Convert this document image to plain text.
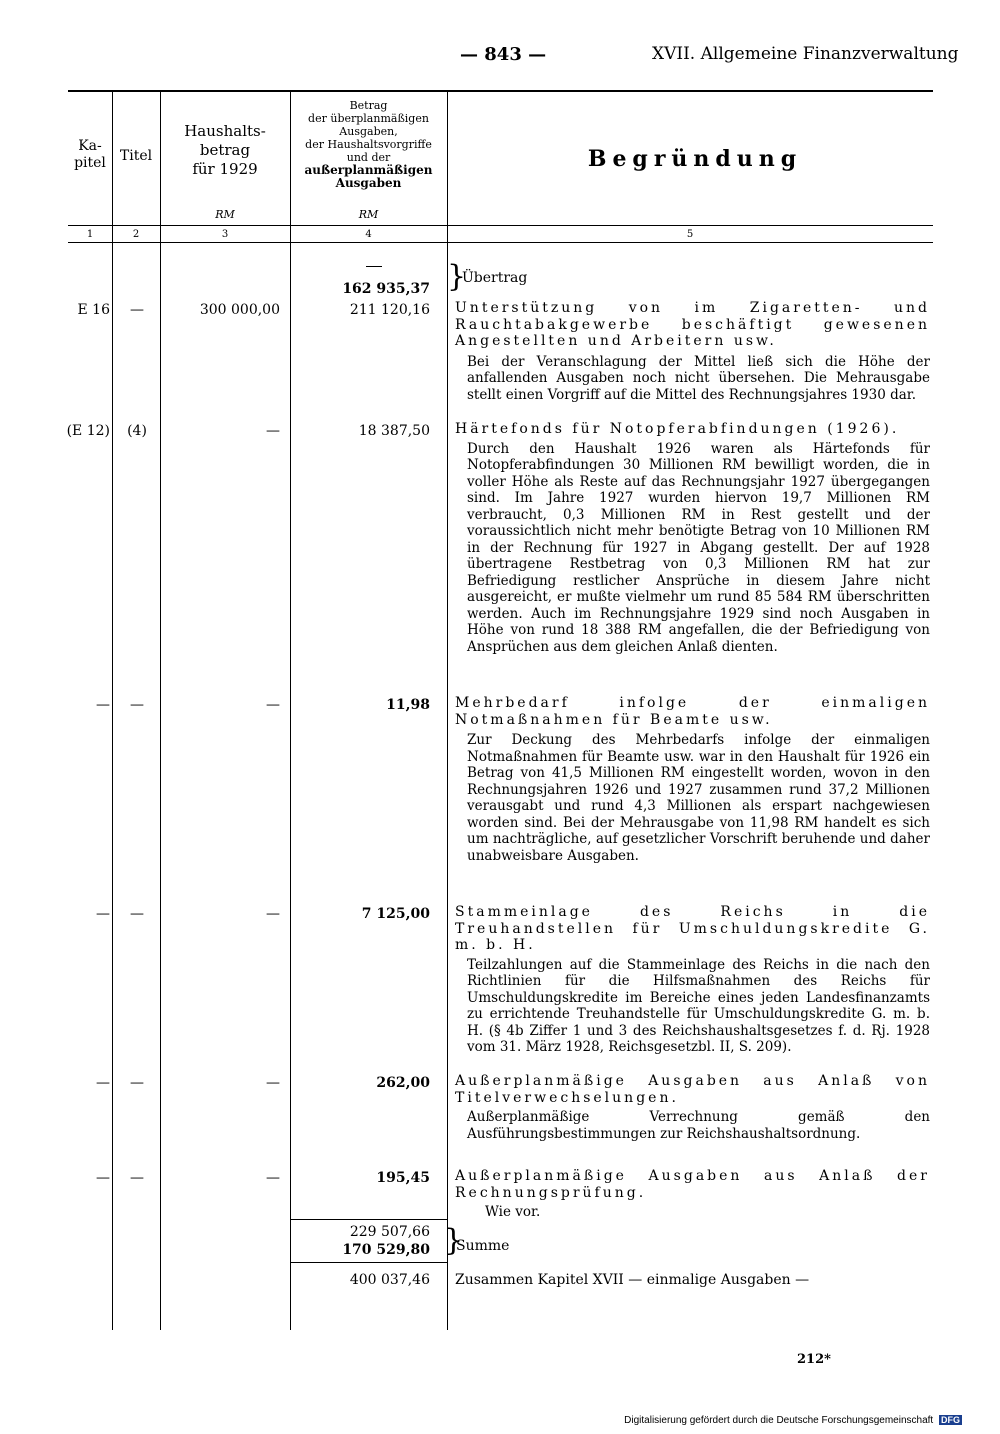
— 843 —	XVII. Allgemeine Finanzverwaltung
Ka-
pitel Titel
Haushalts-
betrag
für 1929
Betrag
der überplanmäßigen
Ausgaben,
der Haushaltsvorgriffe
und der
außerplanmäßigen
Ausgaben
RM	RM
Begründung
1	2	3	4	5
162 935,37 }
Übertrag
E 16	—	300 000,00	211 120,16 Unterstützung von im Zigaretten- und Rauchtabakgewerbe beschäftigt gewesenen Angestellten und Arbeitern usw.
Bei der Veranschlagung der Mittel ließ sich die Höhe der anfallenden Ausgaben noch nicht übersehen. Die Mehrausgabe stellt einen Vorgriff auf die Mittel des Rechnungsjahres 1930 dar.
(E 12)	(4)	—	18 387,50 Härtefonds für Notopferabfindungen (1926).
Durch den Haushalt 1926 waren als Härtefonds für Notopferabfindungen 30 Millionen RM bewilligt worden, die in voller Höhe als Reste auf das Rechnungsjahr 1927 übergegangen sind. Im Jahre 1927 wurden hiervon 19,7 Millionen RM verbraucht, 0,3 Millionen RM in Rest gestellt und der voraussichtlich nicht mehr benötigte Betrag von 10 Millionen RM in der Rechnung für 1927 in Abgang gestellt. Der auf 1928 übertragene Restbetrag von 0,3 Millionen RM hat zur Befriedigung restlicher Ansprüche in diesem Jahre nicht ausgereicht, er mußte vielmehr um rund 85 584 RM überschritten werden. Auch im Rechnungsjahre 1929 sind noch Ausgaben in Höhe von rund 18 388 RM angefallen, die der Befriedigung von Ansprüchen aus dem gleichen Anlaß dienten.
—	—	—	11,98 Mehrbedarf infolge der einmaligen Notmaßnahmen für Beamte usw.
Zur Deckung des Mehrbedarfs infolge der einmaligen Notmaßnahmen für Beamte usw. war in den Haushalt für 1926 ein Betrag von 41,5 Millionen RM eingestellt worden, wovon in den Rechnungsjahren 1926 und 1927 zusammen rund 37,2 Millionen verausgabt und rund 4,3 Millionen als erspart nachgewiesen worden sind. Bei der Mehrausgabe von 11,98 RM handelt es sich um nachträgliche, auf gesetzlicher Vorschrift beruhende und daher unabweisbare Ausgaben.
—	—	—	7 125,00 Stammeinlage des Reichs in die Treuhandstellen für Umschuldungskredite G. m. b. H.
Teilzahlungen auf die Stammeinlage des Reichs in die nach den Richtlinien für die Hilfsmaßnahmen des Reichs für Umschuldungskredite im Bereiche eines jeden Landesfinanzamts zu errichtende Treuhandstelle für Umschuldungskredite G. m. b. H. (§ 4b Ziffer 1 und 3 des Reichshaushaltsgesetzes f. d. Rj. 1928 vom 31. März 1928, Reichsgesetzbl. II, S. 209).
—	—	—	262,00 Außerplanmäßige Ausgaben aus Anlaß von Titelverwechselungen.
Außerplanmäßige Verrechnung gemäß den Ausführungsbestimmungen zur Reichshaushaltsordnung.
—	—	—	195,45 Außerplanmäßige Ausgaben aus Anlaß der Rechnungsprüfung.
Wie vor.
229 507,66
170 529,80 }
Summe
400 037,46 Zusammen Kapitel XVII — einmalige Ausgaben —
212*
Digitalisierung gefördert durch die Deutsche Forschungsgemeinschaft DFG
